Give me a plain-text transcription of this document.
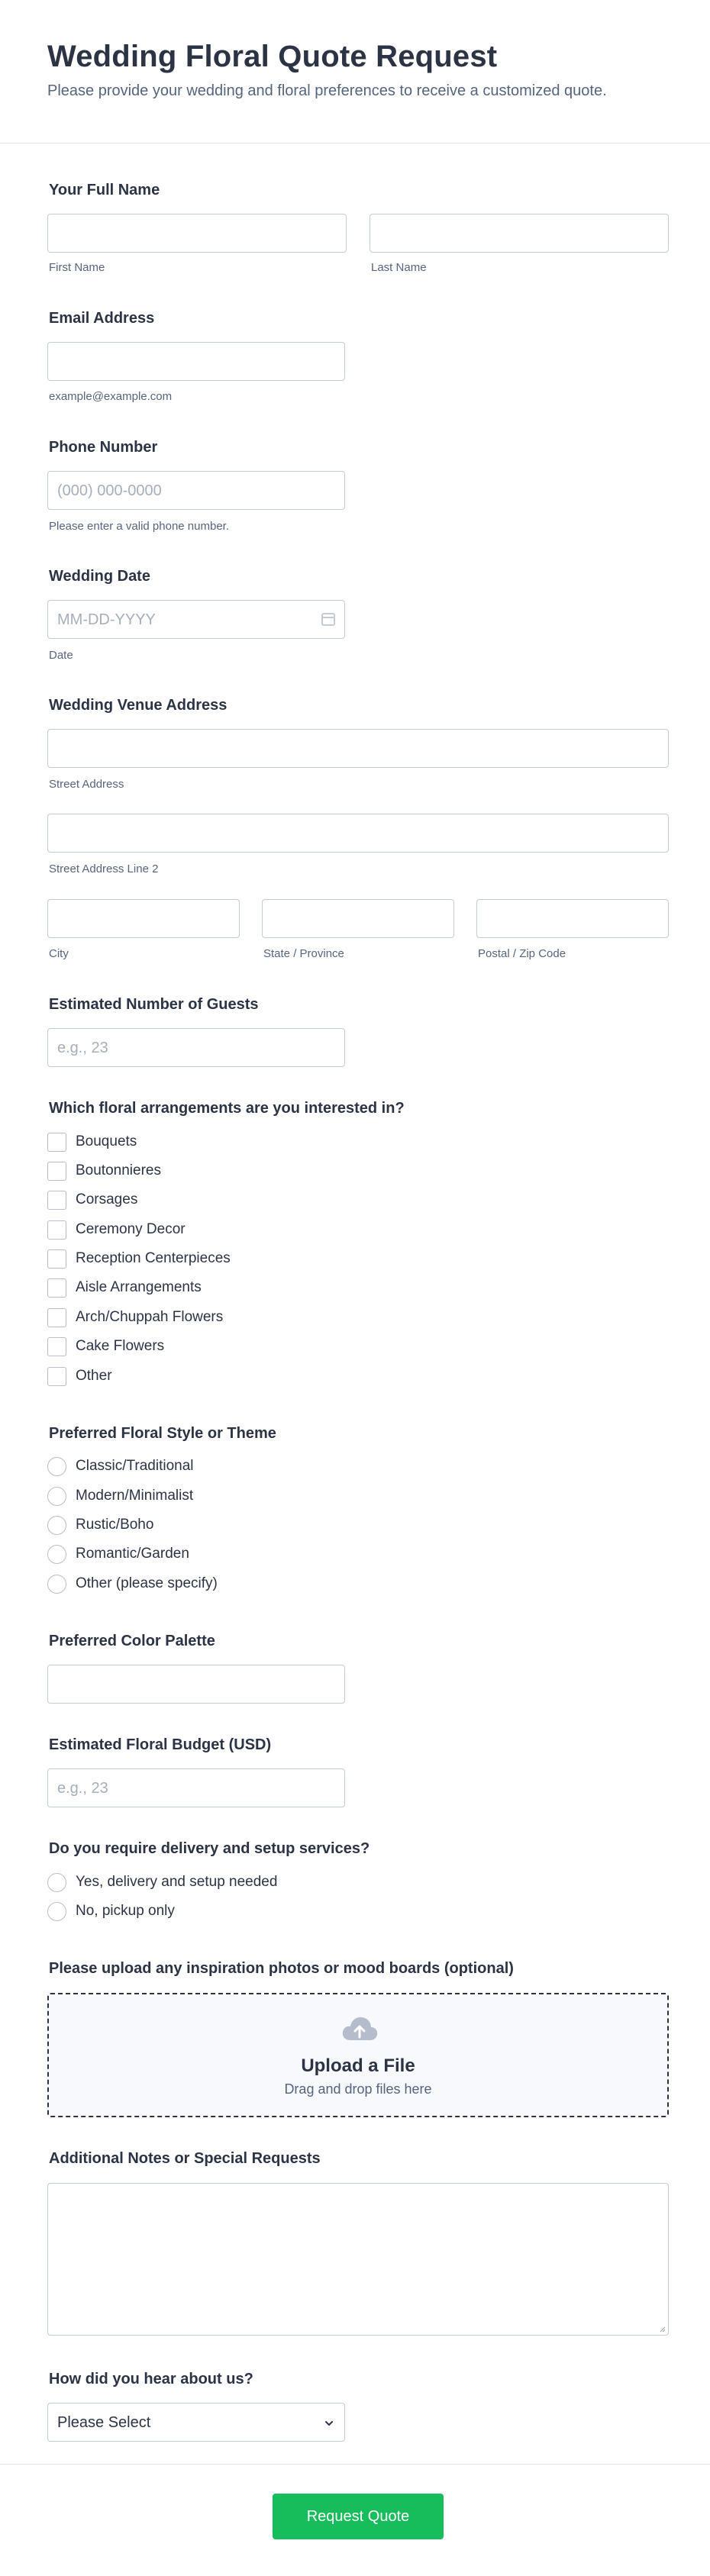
Wedding Floral Quote Request
Please provide your wedding and floral preferences to receive a customized quote.
Your Full Name
First Name	Last Name
Email Address
example@example.com
Phone Number
(000) 000-0000
Please enter a valid phone number.
Wedding Date
MM-DD-YYYY
Date
Wedding Venue Address
Street Address
Street Address Line 2
City	State / Province	Postal / Zip Code
Estimated Number of Guests
e.g., 23
Which floral arrangements are you interested in?
Bouquets
Boutonnieres
Corsages
Ceremony Decor
Reception Centerpieces
Aisle Arrangements
Arch/Chuppah Flowers
Cake Flowers
Other
Preferred Floral Style or Theme
Classic/Traditional
Modern/Minimalist
Rustic/Boho
Romantic/Garden
Other (please specify)
Preferred Color Palette
Estimated Floral Budget (USD)
e.g., 23
Do you require delivery and setup services?
Yes, delivery and setup needed
No, pickup only
Please upload any inspiration photos or mood boards (optional)
Upload a File
Drag and drop files here
Additional Notes or Special Requests
How did you hear about us?
Please Select
Request Quote
